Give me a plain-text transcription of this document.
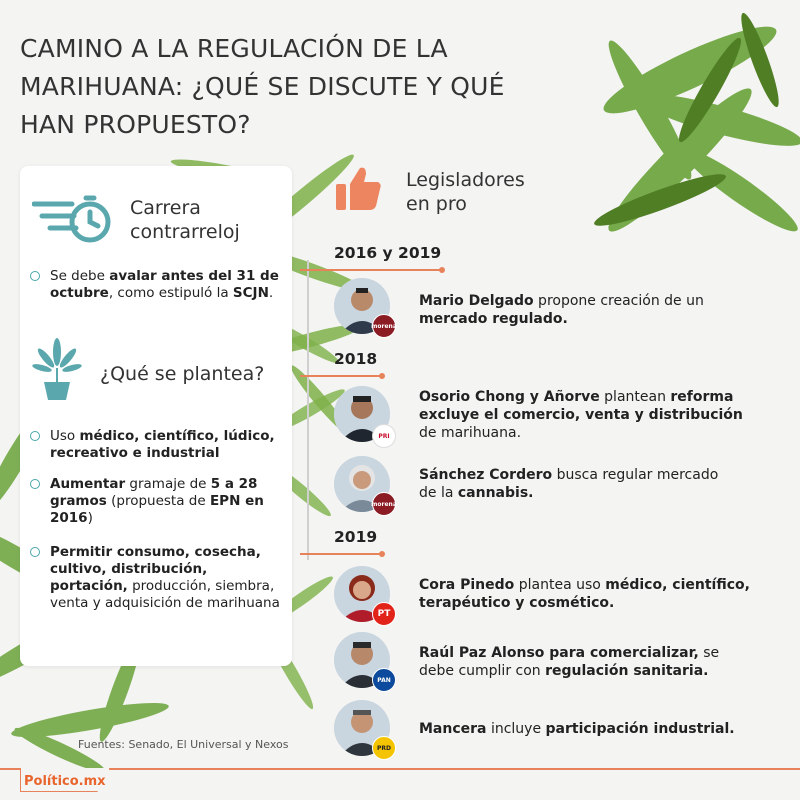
CAMINO A LA REGULACIÓN DE LA MARIHUANA: ¿QUÉ SE DISCUTE Y QUÉ HAN PROPUESTO?
Carrera contrarreloj
Se debe avalar antes del 31 de octubre, como estipuló la SCJN.
¿Qué se plantea?
Uso médico, científico, lúdico, recreativo e industrial
Aumentar gramaje de 5 a 28 gramos (propuesta de EPN en 2016)
Permitir consumo, cosecha, cultivo, distribución, portación, producción, siembra, venta y adquisición de marihuana
Legisladores en pro
2016 y 2019
morena
Mario Delgado propone creación de un mercado regulado.
2018
PRI
Osorio Chong y Añorve plantean reforma excluye el comercio, venta y distribución de marihuana.
morena
Sánchez Cordero busca regular mercado de la cannabis.
2019
PT
Cora Pinedo plantea uso médico, científico, terapéutico y cosmético.
PAN
Raúl Paz Alonso para comercializar, se debe cumplir con regulación sanitaria.
PRD
Mancera incluye participación industrial.
Fuentes: Senado, El Universal y Nexos
Político.mx
